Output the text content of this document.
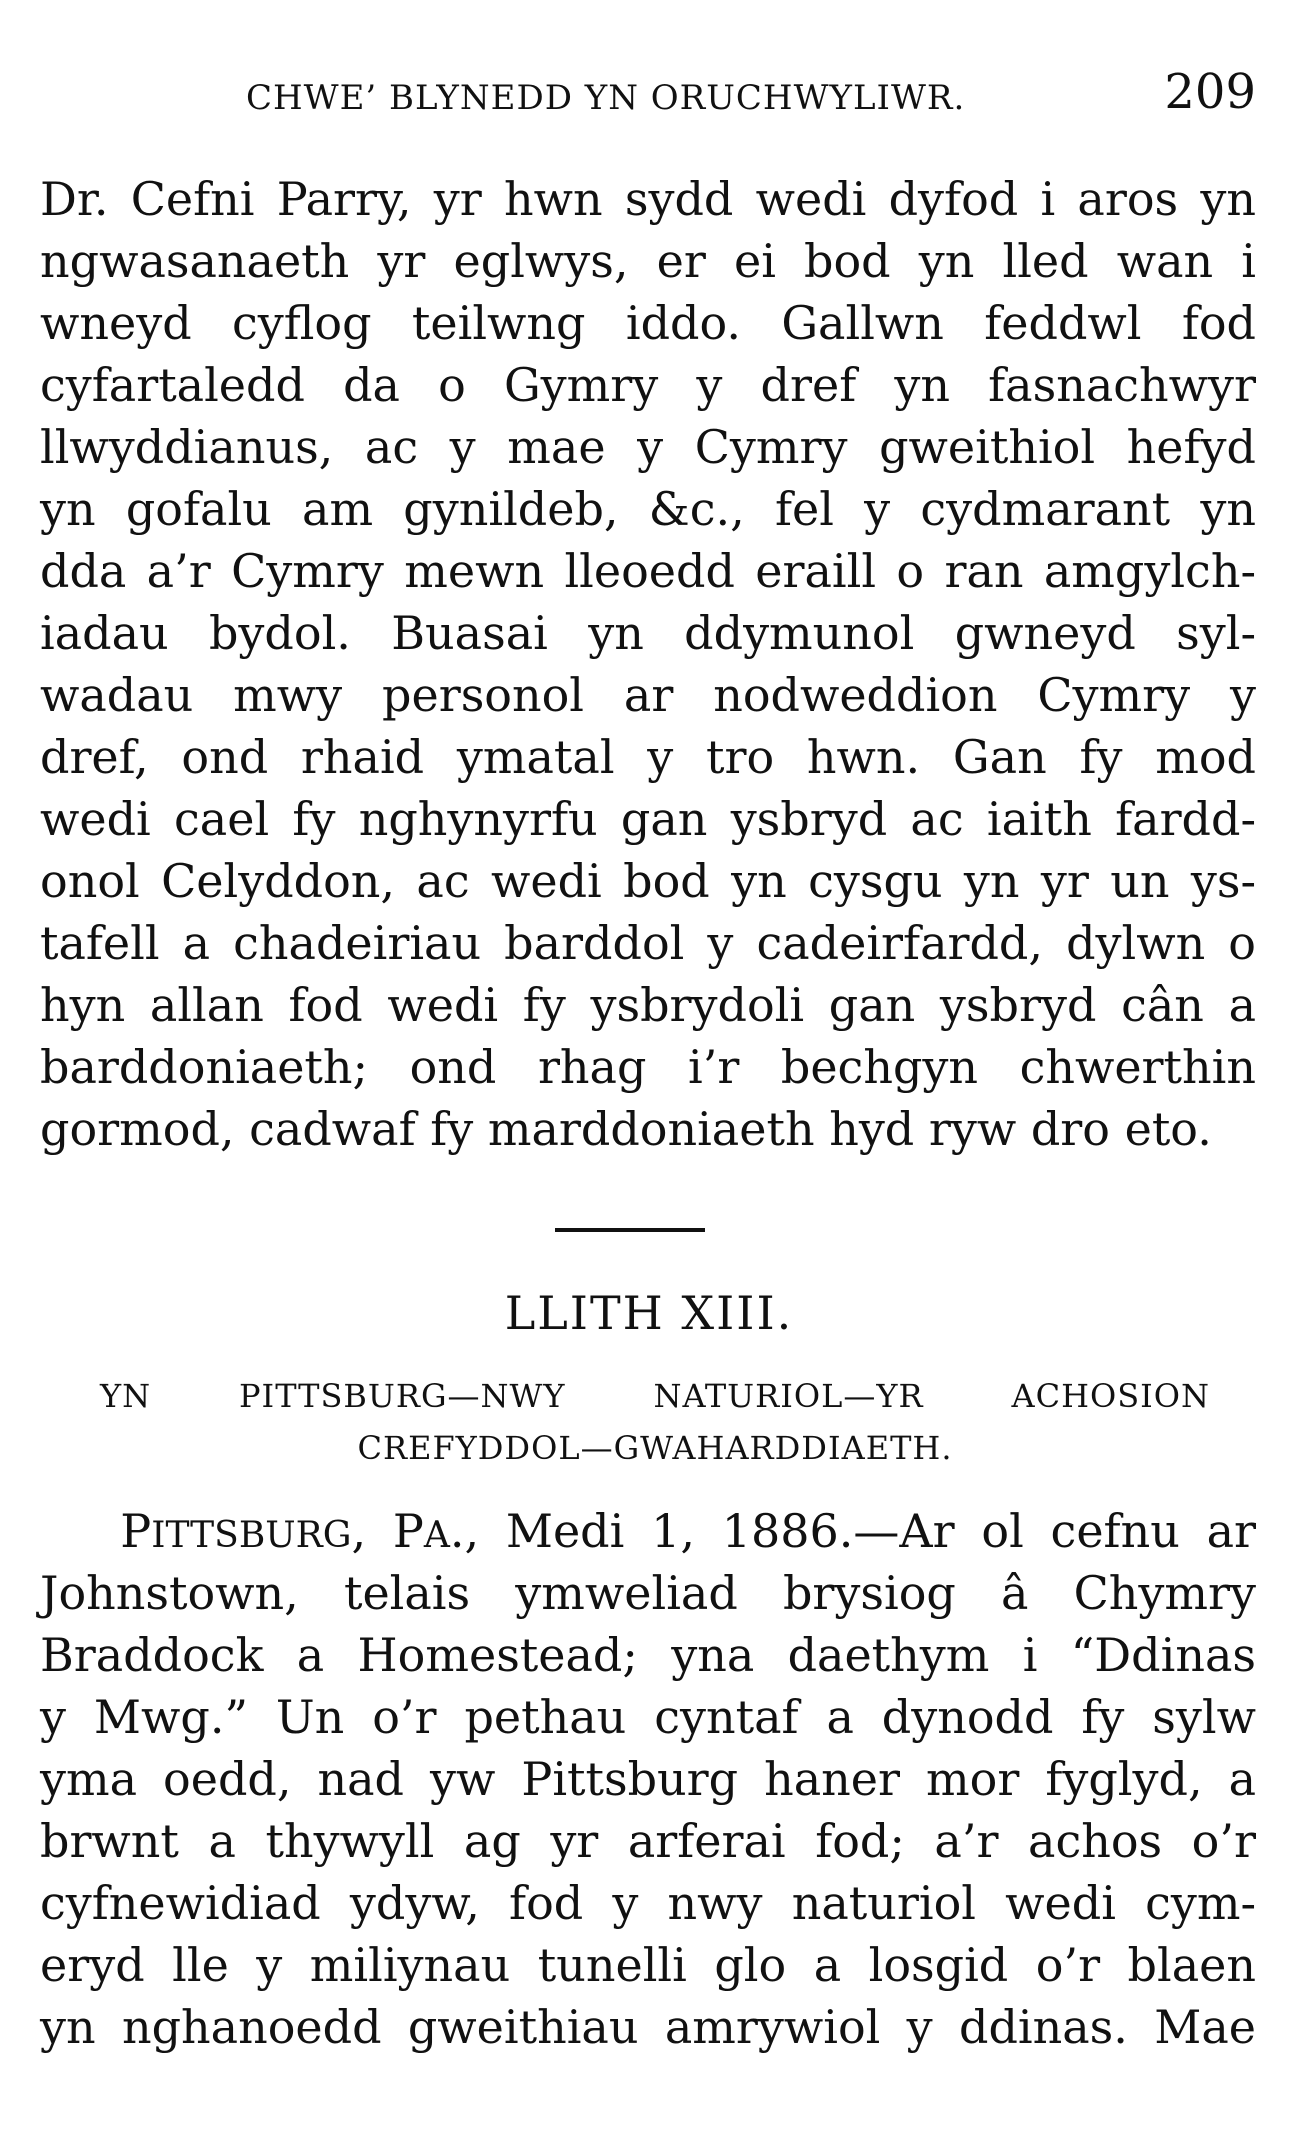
CHWE’ BLYNEDD YN ORUCHWYLIWR.	209
Dr. Cefni Parry, yr hwn sydd wedi dyfod i aros yn
ngwasanaeth yr eglwys, er ei bod yn lled wan i
wneyd cyflog teilwng iddo. Gallwn feddwl fod
cyfartaledd da o Gymry y dref yn fasnachwyr
llwyddianus, ac y mae y Cymry gweithiol hefyd
yn gofalu am gynildeb, &c., fel y cydmarant yn
dda a’r Cymry mewn lleoedd eraill o ran amgylch-
iadau bydol. Buasai yn ddymunol gwneyd syl-
wadau mwy personol ar nodweddion Cymry y
dref, ond rhaid ymatal y tro hwn. Gan fy mod
wedi cael fy nghynyrfu gan ysbryd ac iaith fardd-
onol Celyddon, ac wedi bod yn cysgu yn yr un ys-
tafell a chadeiriau barddol y cadeirfardd, dylwn o
hyn allan fod wedi fy ysbrydoli gan ysbryd cân a
barddoniaeth; ond rhag i’r bechgyn chwerthin
gormod, cadwaf fy marddoniaeth hyd ryw dro eto.
LLITH XIII.
YN PITTSBURG—NWY NATURIOL—YR ACHOSION
CREFYDDOL—GWAHARDDIAETH.
PITTSBURG, PA., Medi 1, 1886.—Ar ol cefnu ar
Johnstown, telais ymweliad brysiog â Chymry
Braddock a Homestead; yna daethym i “Ddinas
y Mwg.” Un o’r pethau cyntaf a dynodd fy sylw
yma oedd, nad yw Pittsburg haner mor fyglyd, a
brwnt a thywyll ag yr arferai fod; a’r achos o’r
cyfnewidiad ydyw, fod y nwy naturiol wedi cym-
eryd lle y miliynau tunelli glo a losgid o’r blaen
yn nghanoedd gweithiau amrywiol y ddinas. Mae
